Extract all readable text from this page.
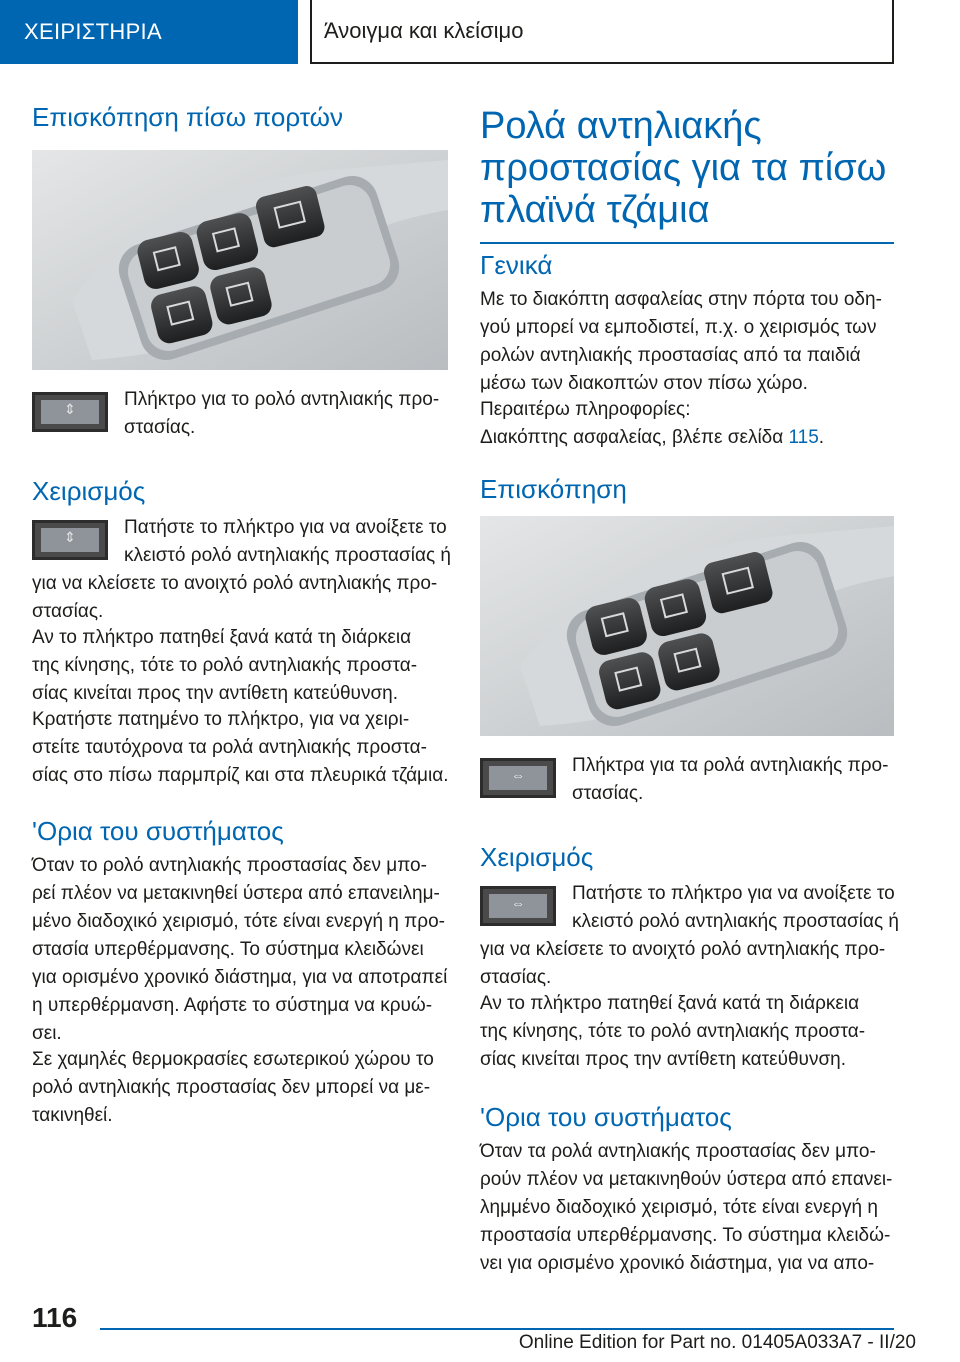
ΧΕΙΡΙΣΤΗΡΙΑ	Άνοιγμα και κλείσιμο
Επισκόπηση πίσω πορτών
⇕	Πλήκτρο για το ρολό αντηλιακής προ-

στασίας.

Χειρισμός
⇕	Πατήστε το πλήκτρο για να ανοίξετε το

κλειστό ρολό αντηλιακής προστασίας ή

για να κλείσετε το ανοιχτό ρολό αντηλιακής προ-

στασίας.

Αν το πλήκτρο πατηθεί ξανά κατά τη διάρκεια

της κίνησης, τότε το ρολό αντηλιακής προστα-

σίας κινείται προς την αντίθετη κατεύθυνση.

Κρατήστε πατημένο το πλήκτρο, για να χειρι-

στείτε ταυτόχρονα τα ρολά αντηλιακής προστα-

σίας στο πίσω παρμπρίζ και στα πλευρικά τζάμια.

'Ορια του συστήματος

Όταν το ρολό αντηλιακής προστασίας δεν μπο-

ρεί πλέον να μετακινηθεί ύστερα από επανειλημ-

μένο διαδοχικό χειρισμό, τότε είναι ενεργή η προ-

στασία υπερθέρμανσης. Το σύστημα κλειδώνει

για ορισμένο χρονικό διάστημα, για να αποτραπεί

η υπερθέρμανση. Αφήστε το σύστημα να κρυώ-

σει.

Σε χαμηλές θερμοκρασίες εσωτερικού χώρου το

ρολό αντηλιακής προστασίας δεν μπορεί να με-

τακινηθεί.

Ρολά αντηλιακής
προστασίας για τα πίσω
πλαϊνά τζάμια
Γενικά

Με το διακόπτη ασφαλείας στην πόρτα του οδη-

γού μπορεί να εμποδιστεί, π.χ. ο χειρισμός των

ρολών αντηλιακής προστασίας από τα παιδιά

μέσω των διακοπτών στον πίσω χώρο.

Περαιτέρω πληροφορίες:

Διακόπτης ασφαλείας, βλέπε σελίδα 115.

Επισκόπηση
⇔	Πλήκτρα για τα ρολά αντηλιακής προ-

στασίας.

Χειρισμός
⇔	Πατήστε το πλήκτρο για να ανοίξετε το

κλειστό ρολό αντηλιακής προστασίας ή

για να κλείσετε το ανοιχτό ρολό αντηλιακής προ-

στασίας.

Αν το πλήκτρο πατηθεί ξανά κατά τη διάρκεια

της κίνησης, τότε το ρολό αντηλιακής προστα-

σίας κινείται προς την αντίθετη κατεύθυνση.

'Ορια του συστήματος

Όταν τα ρολά αντηλιακής προστασίας δεν μπο-

ρούν πλέον να μετακινηθούν ύστερα από επανει-

λημμένο διαδοχικό χειρισμό, τότε είναι ενεργή η

προστασία υπερθέρμανσης. Το σύστημα κλειδώ-

νει για ορισμένο χρονικό διάστημα, για να απο-

116
Online Edition for Part no. 01405A033A7 - II/20
